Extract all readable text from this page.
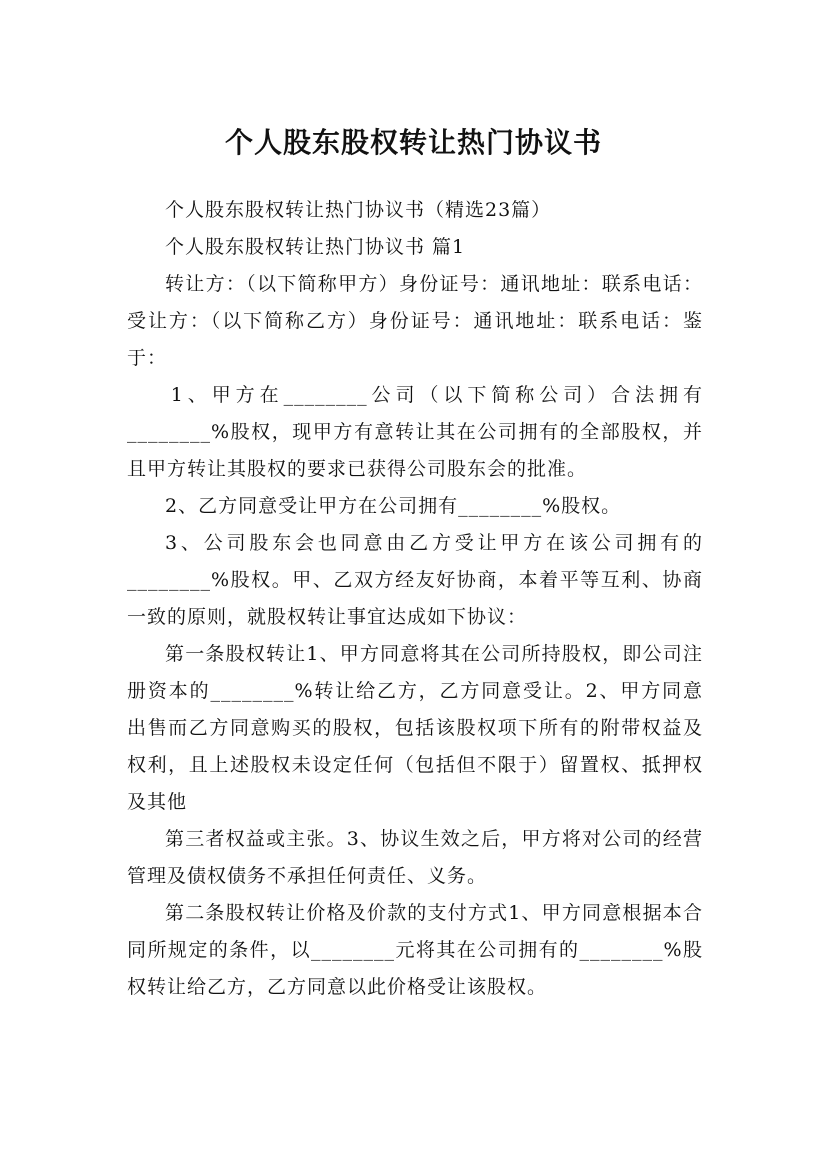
个人股东股权转让热门协议书

个人股东股权转让热门协议书（精选23篇）

个人股东股权转让热门协议书 篇1

转让方：（以下简称甲方）身份证号：通讯地址：联系电话：受让方：（以下简称乙方）身份证号：通讯地址：联系电话：鉴于：

1、甲方在________公司（以下简称公司）合法拥有________%股权，现甲方有意转让其在公司拥有的全部股权，并且甲方转让其股权的要求已获得公司股东会的批准。

2、乙方同意受让甲方在公司拥有________%股权。

3、公司股东会也同意由乙方受让甲方在该公司拥有的________%股权。甲、乙双方经友好协商，本着平等互利、协商一致的原则，就股权转让事宜达成如下协议：

第一条股权转让1、甲方同意将其在公司所持股权，即公司注册资本的________%转让给乙方，乙方同意受让。2、甲方同意出售而乙方同意购买的股权，包括该股权项下所有的附带权益及权利，且上述股权未设定任何（包括但不限于）留置权、抵押权及其他

第三者权益或主张。3、协议生效之后，甲方将对公司的经营管理及债权债务不承担任何责任、义务。

第二条股权转让价格及价款的支付方式1、甲方同意根据本合同所规定的条件，以________元将其在公司拥有的________%股权转让给乙方，乙方同意以此价格受让该股权。
